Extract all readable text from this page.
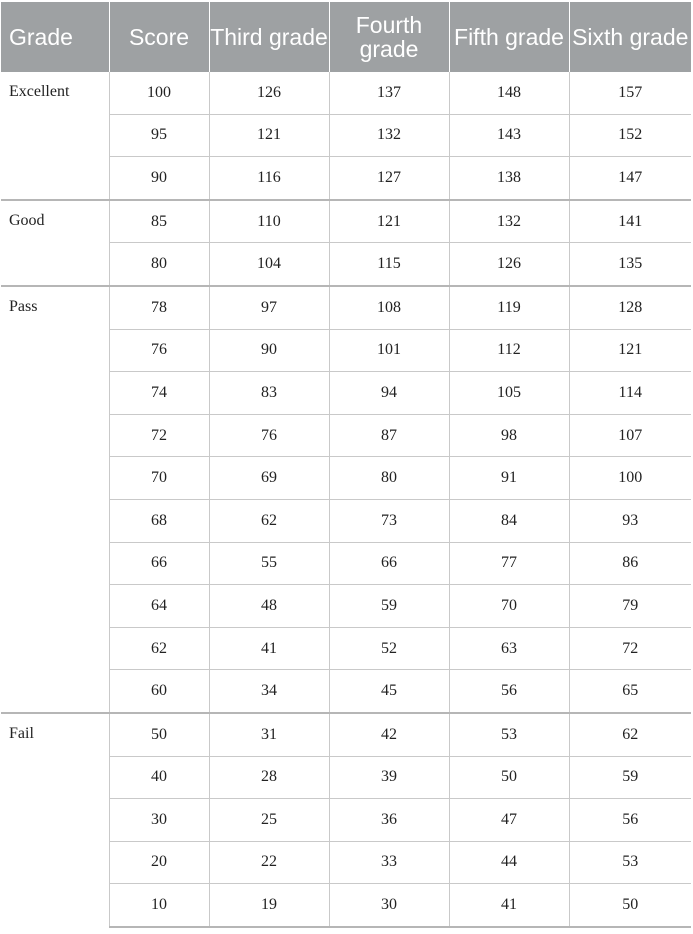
Grade	Score	Third grade	Fourth grade	Fifth grade	Sixth grade
Excellent	100	126	137	148	157
	95	121	132	143	152
	90	116	127	138	147
Good	85	110	121	132	141
	80	104	115	126	135
Pass	78	97	108	119	128
	76	90	101	112	121
	74	83	94	105	114
	72	76	87	98	107
	70	69	80	91	100
	68	62	73	84	93
	66	55	66	77	86
	64	48	59	70	79
	62	41	52	63	72
	60	34	45	56	65
Fail	50	31	42	53	62
	40	28	39	50	59
	30	25	36	47	56
	20	22	33	44	53
	10	19	30	41	50
